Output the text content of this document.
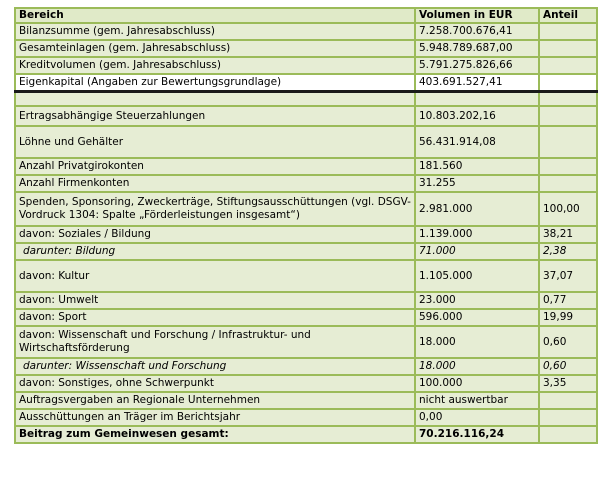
Bereich	Volumen in EUR	Anteil
Bilanzsumme (gem. Jahresabschluss)	7.258.700.676,41	
Gesamteinlagen (gem. Jahresabschluss)	5.948.789.687,00	
Kreditvolumen (gem. Jahresabschluss)	5.791.275.826,66	
Eigenkapital (Angaben zur Bewertungsgrundlage)	403.691.527,41	

Ertragsabhängige Steuerzahlungen	10.803.202,16	
Löhne und Gehälter	56.431.914,08	
Anzahl Privatgirokonten	181.560	
Anzahl Firmenkonten	31.255	
Spenden, Sponsoring, Zweckerträge, Stiftungsausschüttungen (vgl. DSGV-Vordruck 1304: Spalte „Förderleistungen insgesamt“)	2.981.000	100,00
davon: Soziales / Bildung	1.139.000	38,21
darunter: Bildung	71.000	2,38
davon: Kultur	1.105.000	37,07
davon: Umwelt	23.000	0,77
davon: Sport	596.000	19,99
davon: Wissenschaft und Forschung / Infrastruktur- und Wirtschaftsförderung	18.000	0,60
darunter: Wissenschaft und Forschung	18.000	0,60
davon: Sonstiges, ohne Schwerpunkt	100.000	3,35
Auftragsvergaben an Regionale Unternehmen	nicht auswertbar	
Ausschüttungen an Träger im Berichtsjahr	0,00	
Beitrag zum Gemeinwesen gesamt:	70.216.116,24	
